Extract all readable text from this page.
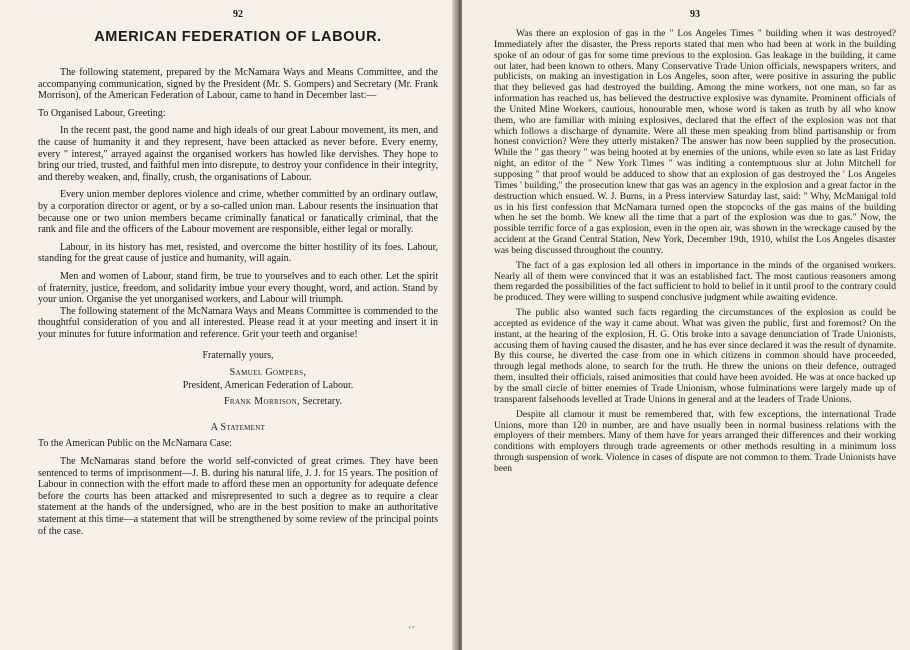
(c) TUC Library Collections	92
AMERICAN FEDERATION OF LABOUR.

The following statement, prepared by the McNamara Ways and Means Committee, and the accompanying communication, signed by the President (Mr. S. Gompers) and Secretary (Mr. Frank Morrison), of the American Federation of Labour, came to hand in December last:—

To Organised Labour, Greeting:

In the recent past, the good name and high ideals of our great Labour movement, its men, and the cause of humanity it and they represent, have been attacked as never before. Every enemy, every " interest," arrayed against the organised workers has howled like dervishes. They hope to bring our tried, trusted, and faithful men into disrepute, to destroy your confidence in their integrity, and thereby weaken, and, finally, crush, the organisations of Labour.

Every union member deplores violence and crime, whether committed by an ordinary outlaw, by a corporation director or agent, or by a so-called union man. Labour resents the insinuation that because one or two union members became criminally fanatical or fanatically criminal, that the rank and file and the officers of the Labour movement are responsible, either legal or morally.

Labour, in its history has met, resisted, and overcome the bitter hostility of its foes. Labour, standing for the great cause of justice and humanity, will again.

Men and women of Labour, stand firm, be true to yourselves and to each other. Let the spirit of fraternity, justice, freedom, and solidarity imbue your every thought, word, and action. Stand by your union. Organise the yet unorganised workers, and Labour will triumph.

The following statement of the McNamara Ways and Means Committee is commended to the thoughtful consideration of you and all interested. Please read it at your meeting and insert it in your minutes for future information and reference. Grit your teeth and organise!

Fraternally yours,
Samuel Gompers,
President, American Federation of Labour.
Frank Morrison, Secretary.
A Statement

To the American Public on the McNamara Case:

The McNamaras stand before the world self-convicted of great crimes. They have been sentenced to terms of imprisonment—J. B. during his natural life, J. J. for 15 years. The position of Labour in connection with the effort made to afford these men an opportunity for adequate defence before the courts has been attacked and misrepresented to such a degree as to require a clear statement at the hands of the undersigned, who are in the best position to make an authoritative statement at this time—a statement that will be strengthened by some review of the principal points of the case.

‘’
93

Was there an explosion of gas in the " Los Angeles Times " building when it was destroyed? Immediately after the disaster, the Press reports stated that men who had been at work in the building spoke of an odour of gas for some time previous to the explosion. Gas leakage in the building, it came out later, had been known to others. Many Conservative Trade Union officials, newspapers writers, and publicists, on making an investigation in Los Angeles, soon after, were positive in assuring the public that they believed gas had destroyed the building. Among the mine workers, not one man, so far as information has reached us, has believed the destructive explosive was dynamite. Prominent officials of the United Mine Workers, cautious, honourable men, whose word is taken as truth by all who know them, who are familiar with mining explosives, declared that the effect of the explosion was not that which follows a discharge of dynamite. Were all these men speaking from blind partisanship or from honest conviction? Were they utterly mistaken? The answer has now been supplied by the prosecution. While the " gas theory " was being hooted at by enemies of the unions, while even so late as last Friday night, an editor of the " New York Times " was inditing a contemptuous slur at John Mitchell for supposing " that proof would be adduced to show that an explosion of gas destroyed the ' Los Angeles Times ' building," the prosecution knew that gas was an agency in the explosion and a great factor in the destruction which ensued. W. J. Burns, in a Press interview Saturday last, said: " Why, McManigal told us in his first confession that McNamara turned open the stopcocks of the gas mains of the building when he set the bomb. We knew all the time that a part of the explosion was due to gas." Now, the possible terrific force of a gas explosion, even in the open air, was shown in the wreckage caused by the accident at the Grand Central Station, New York, December 19th, 1910, whilst the Los Angeles disaster was being discussed throughout the country.

The fact of a gas explosion led all others in importance in the minds of the organised workers. Nearly all of them were convinced that it was an established fact. The most cautious reasoners among them regarded the possibilities of the fact sufficient to hold to belief in it until proof to the contrary could be produced. They were willing to suspend conclusive judgment while awaiting evidence.

The public also wanted such facts regarding the circumstances of the explosion as could be accepted as evidence of the way it came about. What was given the public, first and foremost? On the instant, at the hearing of the explosion, H. G. Otis broke into a savage denunciation of Trade Unionists, accusing them of having caused the disaster, and he has ever since declared it was the result of dynamite. By this course, he diverted the case from one in which citizens in common should have proceeded, through legal methods alone, to search for the truth. He threw the unions on their defence, outraged them, insulted their officials, raised animosities that could have been avoided. He was at once backed up by the small circle of bitter enemies of Trade Unionism, whose fulminations were largely made up of transparent falsehoods levelled at Trade Unions in general and at the leaders of Trade Unions.

Despite all clamour it must be remembered that, with few exceptions, the international Trade Unions, more than 120 in number, are and have usually been in normal business relations with the employers of their members. Many of them have for years arranged their differences and their working conditions with employers through trade agreements or other methods resulting in a minimum loss through suspension of work. Violence in cases of dispute are not common to them. Trade Unionists have been
